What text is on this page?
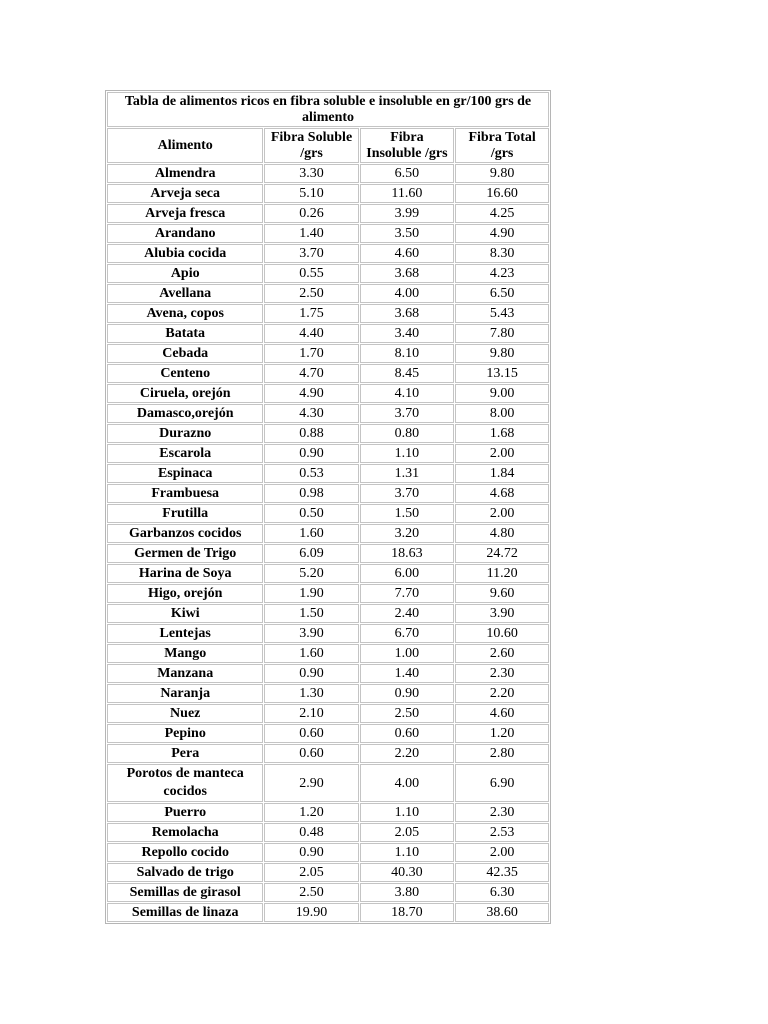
Tabla de alimentos ricos en fibra soluble e insoluble en gr/100 grs de alimento			
Alimento	Fibra Soluble /grs	Fibra Insoluble /grs	Fibra Total /grs
Almendra	3.30	6.50	9.80
Arveja seca	5.10	11.60	16.60
Arveja fresca	0.26	3.99	4.25
Arandano	1.40	3.50	4.90
Alubia cocida	3.70	4.60	8.30
Apio	0.55	3.68	4.23
Avellana	2.50	4.00	6.50
Avena, copos	1.75	3.68	5.43
Batata	4.40	3.40	7.80
Cebada	1.70	8.10	9.80
Centeno	4.70	8.45	13.15
Ciruela, orejón	4.90	4.10	9.00
Damasco,orejón	4.30	3.70	8.00
Durazno	0.88	0.80	1.68
Escarola	0.90	1.10	2.00
Espinaca	0.53	1.31	1.84
Frambuesa	0.98	3.70	4.68
Frutilla	0.50	1.50	2.00
Garbanzos cocidos	1.60	3.20	4.80
Germen de Trigo	6.09	18.63	24.72
Harina de Soya	5.20	6.00	11.20
Higo, orejón	1.90	7.70	9.60
Kiwi	1.50	2.40	3.90
Lentejas	3.90	6.70	10.60
Mango	1.60	1.00	2.60
Manzana	0.90	1.40	2.30
Naranja	1.30	0.90	2.20
Nuez	2.10	2.50	4.60
Pepino	0.60	0.60	1.20
Pera	0.60	2.20	2.80
Porotos de manteca cocidos	2.90	4.00	6.90
Puerro	1.20	1.10	2.30
Remolacha	0.48	2.05	2.53
Repollo cocido	0.90	1.10	2.00
Salvado de trigo	2.05	40.30	42.35
Semillas de girasol	2.50	3.80	6.30
Semillas de linaza	19.90	18.70	38.60
